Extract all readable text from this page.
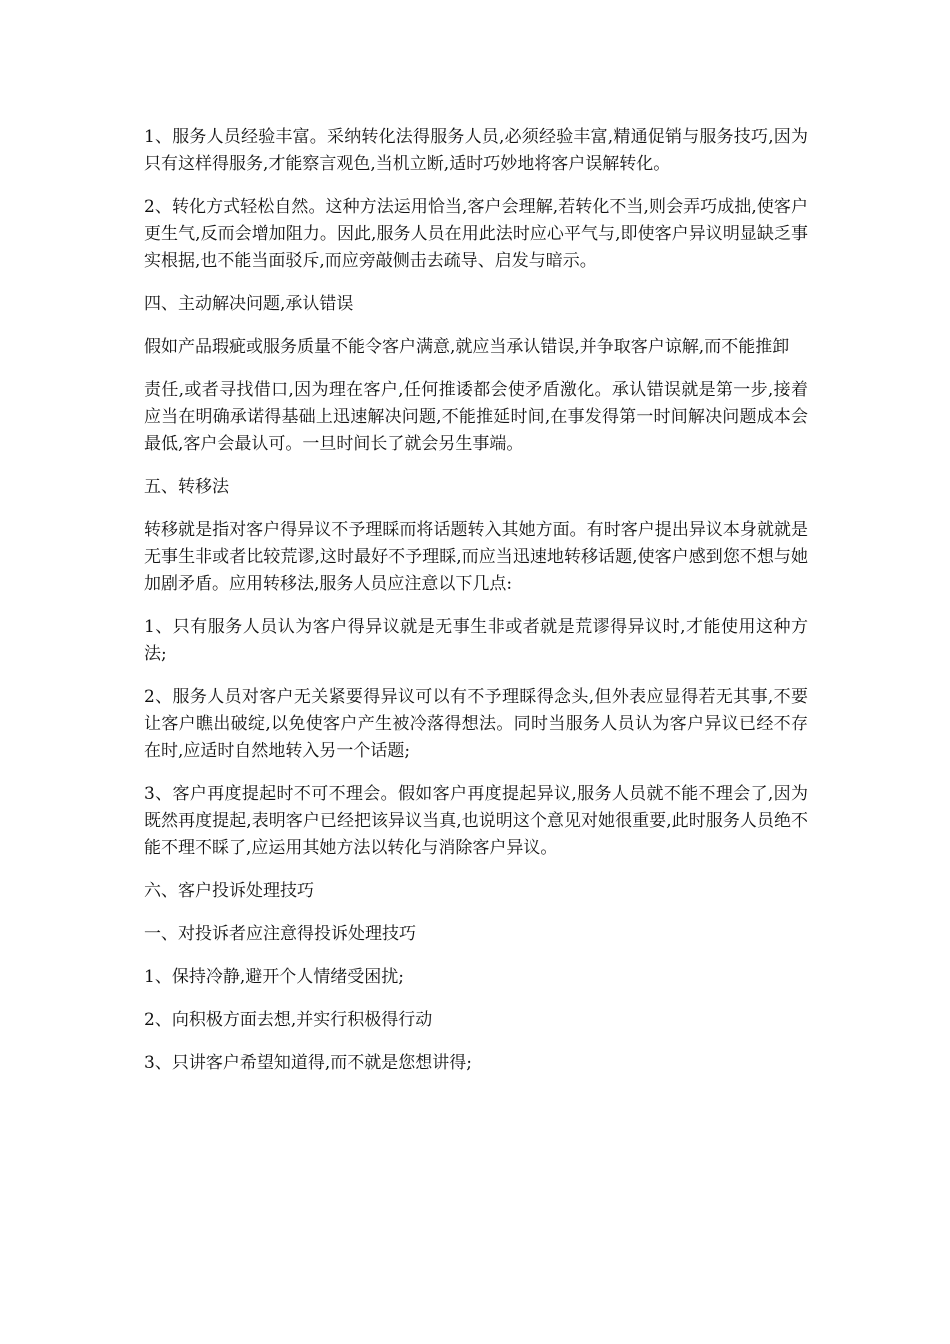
1、服务人员经验丰富。采纳转化法得服务人员,必须经验丰富,精通促销与服务技巧,因为只有这样得服务,才能察言观色,当机立断,适时巧妙地将客户误解转化。

2、转化方式轻松自然。这种方法运用恰当,客户会理解,若转化不当,则会弄巧成拙,使客户更生气,反而会增加阻力。因此,服务人员在用此法时应心平气与,即使客户异议明显缺乏事实根据,也不能当面驳斥,而应旁敲侧击去疏导、启发与暗示。

四、主动解决问题,承认错误

假如产品瑕疵或服务质量不能令客户满意,就应当承认错误,并争取客户谅解,而不能推卸

责任,或者寻找借口,因为理在客户,任何推诿都会使矛盾激化。承认错误就是第一步,接着应当在明确承诺得基础上迅速解决问题,不能推延时间,在事发得第一时间解决问题成本会最低,客户会最认可。一旦时间长了就会另生事端。

五、转移法

转移就是指对客户得异议不予理睬而将话题转入其她方面。有时客户提出异议本身就就是无事生非或者比较荒谬,这时最好不予理睬,而应当迅速地转移话题,使客户感到您不想与她加剧矛盾。应用转移法,服务人员应注意以下几点:

1、只有服务人员认为客户得异议就是无事生非或者就是荒谬得异议时,才能使用这种方法;

2、服务人员对客户无关紧要得异议可以有不予理睬得念头,但外表应显得若无其事,不要让客户瞧出破绽,以免使客户产生被冷落得想法。同时当服务人员认为客户异议已经不存在时,应适时自然地转入另一个话题;

3、客户再度提起时不可不理会。假如客户再度提起异议,服务人员就不能不理会了,因为既然再度提起,表明客户已经把该异议当真,也说明这个意见对她很重要,此时服务人员绝不能不理不睬了,应运用其她方法以转化与消除客户异议。

六、客户投诉处理技巧

一、对投诉者应注意得投诉处理技巧

1、保持冷静,避开个人情绪受困扰;

2、向积极方面去想,并实行积极得行动

3、只讲客户希望知道得,而不就是您想讲得;
